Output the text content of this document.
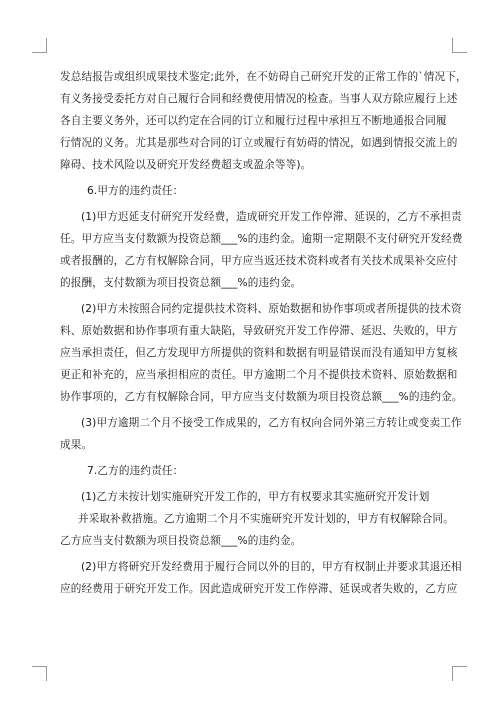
发总结报告或组织成果技术鉴定;此外，在不妨碍自己研究开发的正常工作的`情况下，
有义务接受委托方对自己履行合同和经费使用情况的检查。当事人双方除应履行上述
各自主要义务外，还可以约定在合同的订立和履行过程中承担互不断地通报合同履
行情况的义务。尤其是那些对合同的订立或履行有妨碍的情况，如遇到情报交流上的
障碍、技术风险以及研究开发经费超支或盈余等等)。
6.甲方的违约责任：
(1)甲方迟延支付研究开发经费，造成研究开发工作停滞、延误的，乙方不承担责
任。甲方应当支付数额为投资总额___%的违约金。逾期一定期限不支付研究开发经费
或者报酬的，乙方有权解除合同，甲方应当返还技术资料或者有关技术成果补交应付
的报酬，支付数额为项目投资总额___%的违约金。
(2)甲方未按照合同约定提供技术资料、原始数据和协作事项或者所提供的技术资
料、原始数据和协作事项有重大缺陷，导致研究开发工作停滞、延迟、失败的，甲方
应当承担责任，但乙方发现甲方所提供的资料和数据有明显错误而没有通知甲方复核
更正和补充的，应当承担相应的责任。甲方逾期二个月不提供技术资料、原始数据和
协作事项的，乙方有权解除合同，甲方应当支付数额为项目投资总额___%的违约金。
(3)甲方逾期二个月不接受工作成果的，乙方有权向合同外第三方转让或变卖工作
成果。
7.乙方的违约责任：
(1)乙方未按计划实施研究开发工作的，甲方有权要求其实施研究开发计划
并采取补救措施。乙方逾期二个月不实施研究开发计划的，甲方有权解除合同。
乙方应当支付数额为项目投资总额___%的违约金。
(2)甲方将研究开发经费用于履行合同以外的目的，甲方有权制止并要求其退还相
应的经费用于研究开发工作。因此造成研究开发工作停滞、延误或者失败的，乙方应
